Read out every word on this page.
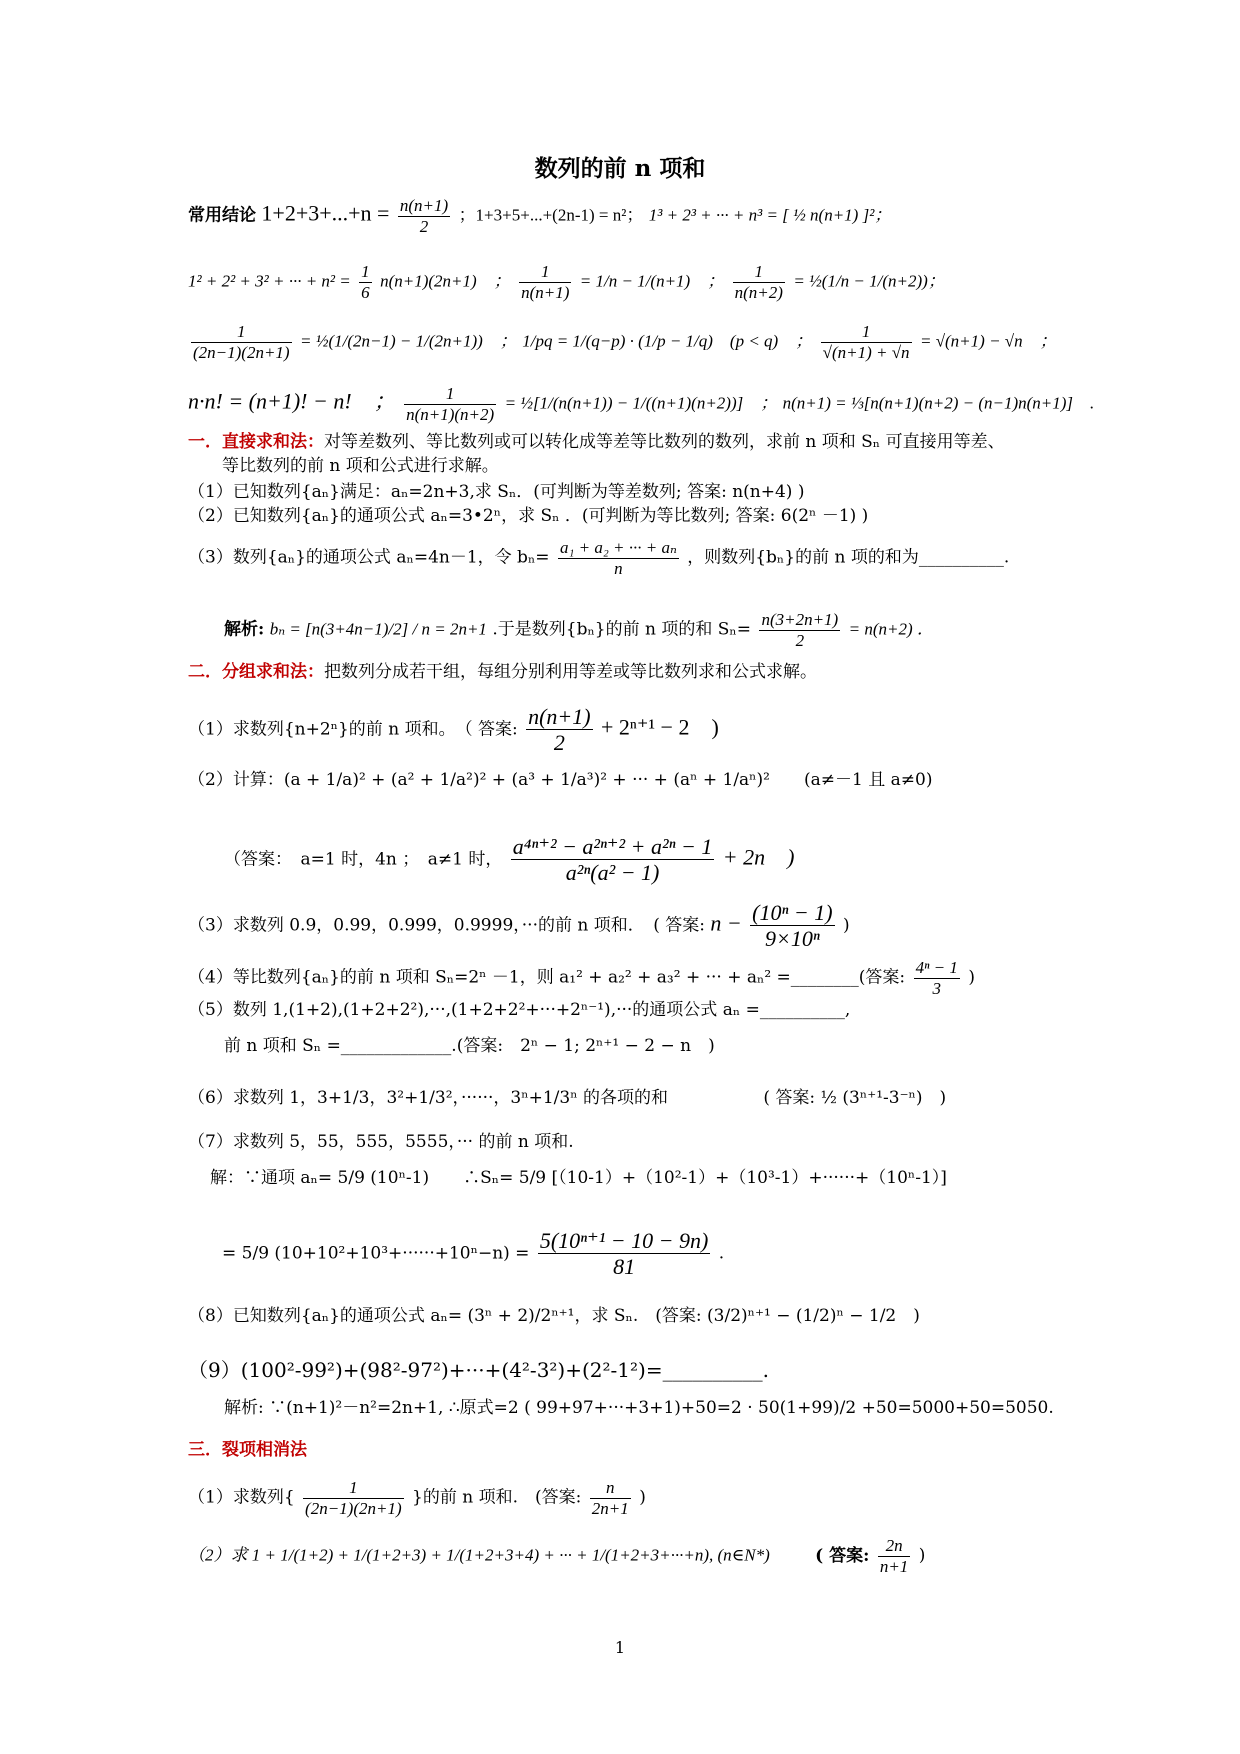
数列的前 n 项和
常用结论 $1+2+3+...+n = \frac{n(n+1)}{2}$ ；1+3+5+...+(2n-1) = n²； 1³ + 2³ + ··· + n³ = [ ½ n(n+1) ]²；
1² + 2² + 3² + ··· + $n^2 = \frac{1}{6} n(n+1)(2n+1)$　； $\frac{1}{n(n+1)} = 1/n - 1/(n+1)$　； $\frac{1}{n(n+2)}$ = ½(1/n − 1/(n+2))；
$\frac{1}{(2n-1)(2n+1)}$ = ½(1/(2n−1) − 1/(2n+1))　； 1/pq = 1/(q−p) · (1/p − 1/q)　(p < q)　； $\frac{1}{√(n+1) + √n} = √(n+1) - √n$　；
n·n! = (n+1)! − n!　； $\frac{1}{n(n+1)(n+2)}$ = ½[1/(n(n+1)) − 1/((n+1)(n+2))]　； n(n+1) = ⅓[n(n+1)(n+2) − (n−1)n(n+1)]　.
一．直接求和法：对等差数列、等比数列或可以转化成等差等比数列的数列，求前 n 项和 Sₙ 可直接用等差、
等比数列的前 n 项和公式进行求解。
（1）已知数列{aₙ}满足：aₙ=2n+3,求 Sₙ．(可判断为等差数列; 答案: n(n+4) )
（2）已知数列{aₙ}的通项公式 aₙ=3•2ⁿ，求 Sₙ ．(可判断为等比数列; 答案: 6(2ⁿ －1) )
（3）数列{aₙ}的通项公式 aₙ=4n－1，令 $b_n= \frac{\text{a₁ + a₂ + ··· + aₙ}}{n}$ ，则数列{bₙ}的前 n 项的和为__________.
解析: bₙ = [n(3+4n−1)/2] / n = 2n+1 .于是数列{bₙ}的前 n 项的和 $S_n= \frac{n(3+2n+1)}{2} = n(n+2)$ ．
二．分组求和法：把数列分成若干组，每组分别利用等差或等比数列求和公式求解。
（1）求数列{n+2ⁿ}的前 n 项和。　（ 答案: $\frac{n(n+1)}{2} + 2^{n+1} - 2$　)
（2）计算：(a + 1/a)² + (a² + 1/a²)² + (a³ + 1/a³)² + ··· + (aⁿ + 1/aⁿ)²　　(a≠－1 且 a≠0)
（答案：　a=1 时，4n ；　a≠1 时， $\frac{\text{a⁴ⁿ⁺² − a²ⁿ⁺² + a²ⁿ − 1}}{\text{a²ⁿ(a² − 1)}} + 2n$　)
（3）求数列 0.9，0.99，0.999，0.9999，···的前 n 项和．　( 答案: $n - \frac{\text{(10ⁿ − 1)}}{\text{9×10ⁿ}}$ )
（4）等比数列{aₙ}的前 n 项和 Sₙ=2ⁿ －1，则 a₁² + a₂² + a₃² + ··· + aₙ² =________(答案: $\frac{\text{4ⁿ − 1}}{3}$ )
（5）数列 1,(1+2),(1+2+2²),···,(1+2+2²+···+2ⁿ⁻¹),···的通项公式 aₙ =__________,
前 n 项和 Sₙ =_____________.(答案:　2ⁿ − 1; 2ⁿ⁺¹ − 2 − n　)
（6）求数列 1，3+1/3，3²+1/3²，······，3ⁿ+1/3ⁿ 的各项的和	( 答案: ½ (3ⁿ⁺¹-3⁻ⁿ)　)
（7）求数列 5，55，555，5555，··· 的前 n 项和.
解：∵通项 aₙ= 5/9 (10ⁿ-1)　　∴Sₙ= 5/9 [（10-1）+（10²-1）+（10³-1）+······+（10ⁿ-1）]
= 5/9 $(10+10^2+10^3+\cdot\cdot\cdot\cdot\cdot\cdot+10^n-n) = \frac{\text{5(10ⁿ⁺¹ − 10 − 9n)}}{81}$ .
（8）已知数列{aₙ}的通项公式 aₙ= (3ⁿ + 2)/2ⁿ⁺¹，求 Sₙ.　(答案: (3/2)ⁿ⁺¹ − (1/2)ⁿ − 1/2　)
（9）(100²-99²)+(98²-97²)+···+(4²-3²)+(2²-1²)=__________.
解析: ∵(n+1)²－n²=2n+1, ∴原式=2 ( 99+97+···+3+1)+50=2 · 50(1+99)/2 +50=5000+50=5050.
三．裂项相消法
（1）求数列{ $\frac{1}{(2n-1)(2n+1)}$ }的前 n 项和.　(答案: $\frac{n}{2n+1}$ )
（2）求 1 + 1/(1+2) + 1/(1+2+3) + 1/(1+2+3+4) + ··· + 1/(1+2+3+···+n), (n∈N*)	( 答案: $\frac{2n}{n+1}$ )
1
